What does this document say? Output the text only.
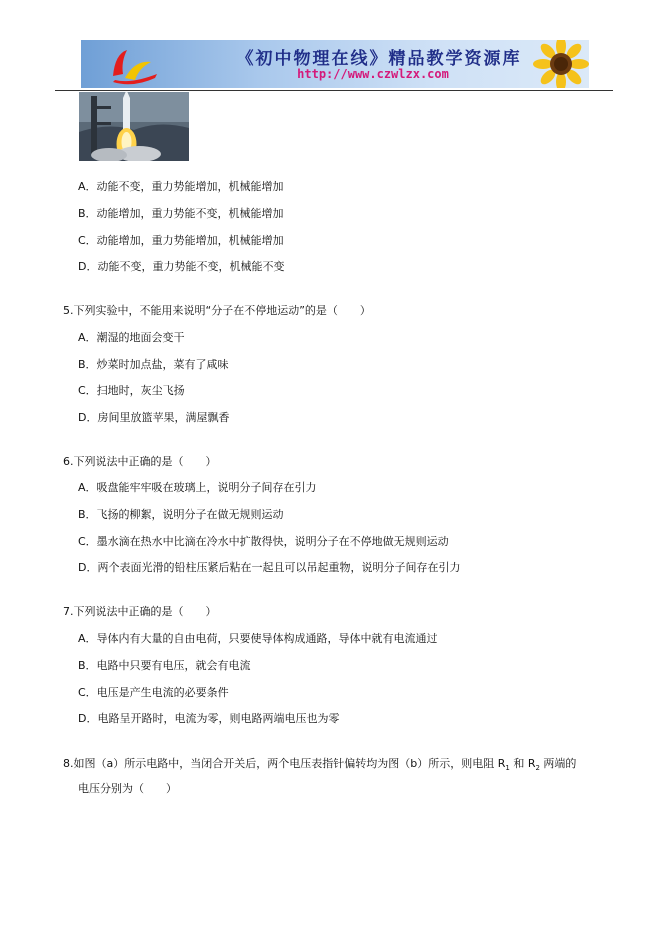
《初中物理在线》精品教学资源库
http://www.czwlzx.com
A．动能不变，重力势能增加，机械能增加
B．动能增加，重力势能不变，机械能增加
C．动能增加，重力势能增加，机械能增加
D．动能不变，重力势能不变，机械能不变
5.下列实验中，不能用来说明“分子在不停地运动”的是（　　）
A．潮湿的地面会变干
B．炒菜时加点盐，菜有了咸味
C．扫地时，灰尘飞扬
D．房间里放篮苹果，满屋飘香
6.下列说法中正确的是（　　）
A．吸盘能牢牢吸在玻璃上，说明分子间存在引力
B．飞扬的柳絮，说明分子在做无规则运动
C．墨水滴在热水中比滴在冷水中扩散得快，说明分子在不停地做无规则运动
D．两个表面光滑的铅柱压紧后粘在一起且可以吊起重物，说明分子间存在引力
7.下列说法中正确的是（　　）
A．导体内有大量的自由电荷，只要使导体构成通路，导体中就有电流通过
B．电路中只要有电压，就会有电流
C．电压是产生电流的必要条件
D．电路呈开路时，电流为零，则电路两端电压也为零
8.如图（a）所示电路中，当闭合开关后，两个电压表指针偏转均为图（b）所示，则电阻 $R_1$ 和 $R_2$ 两端的
电压分别为（　　）
